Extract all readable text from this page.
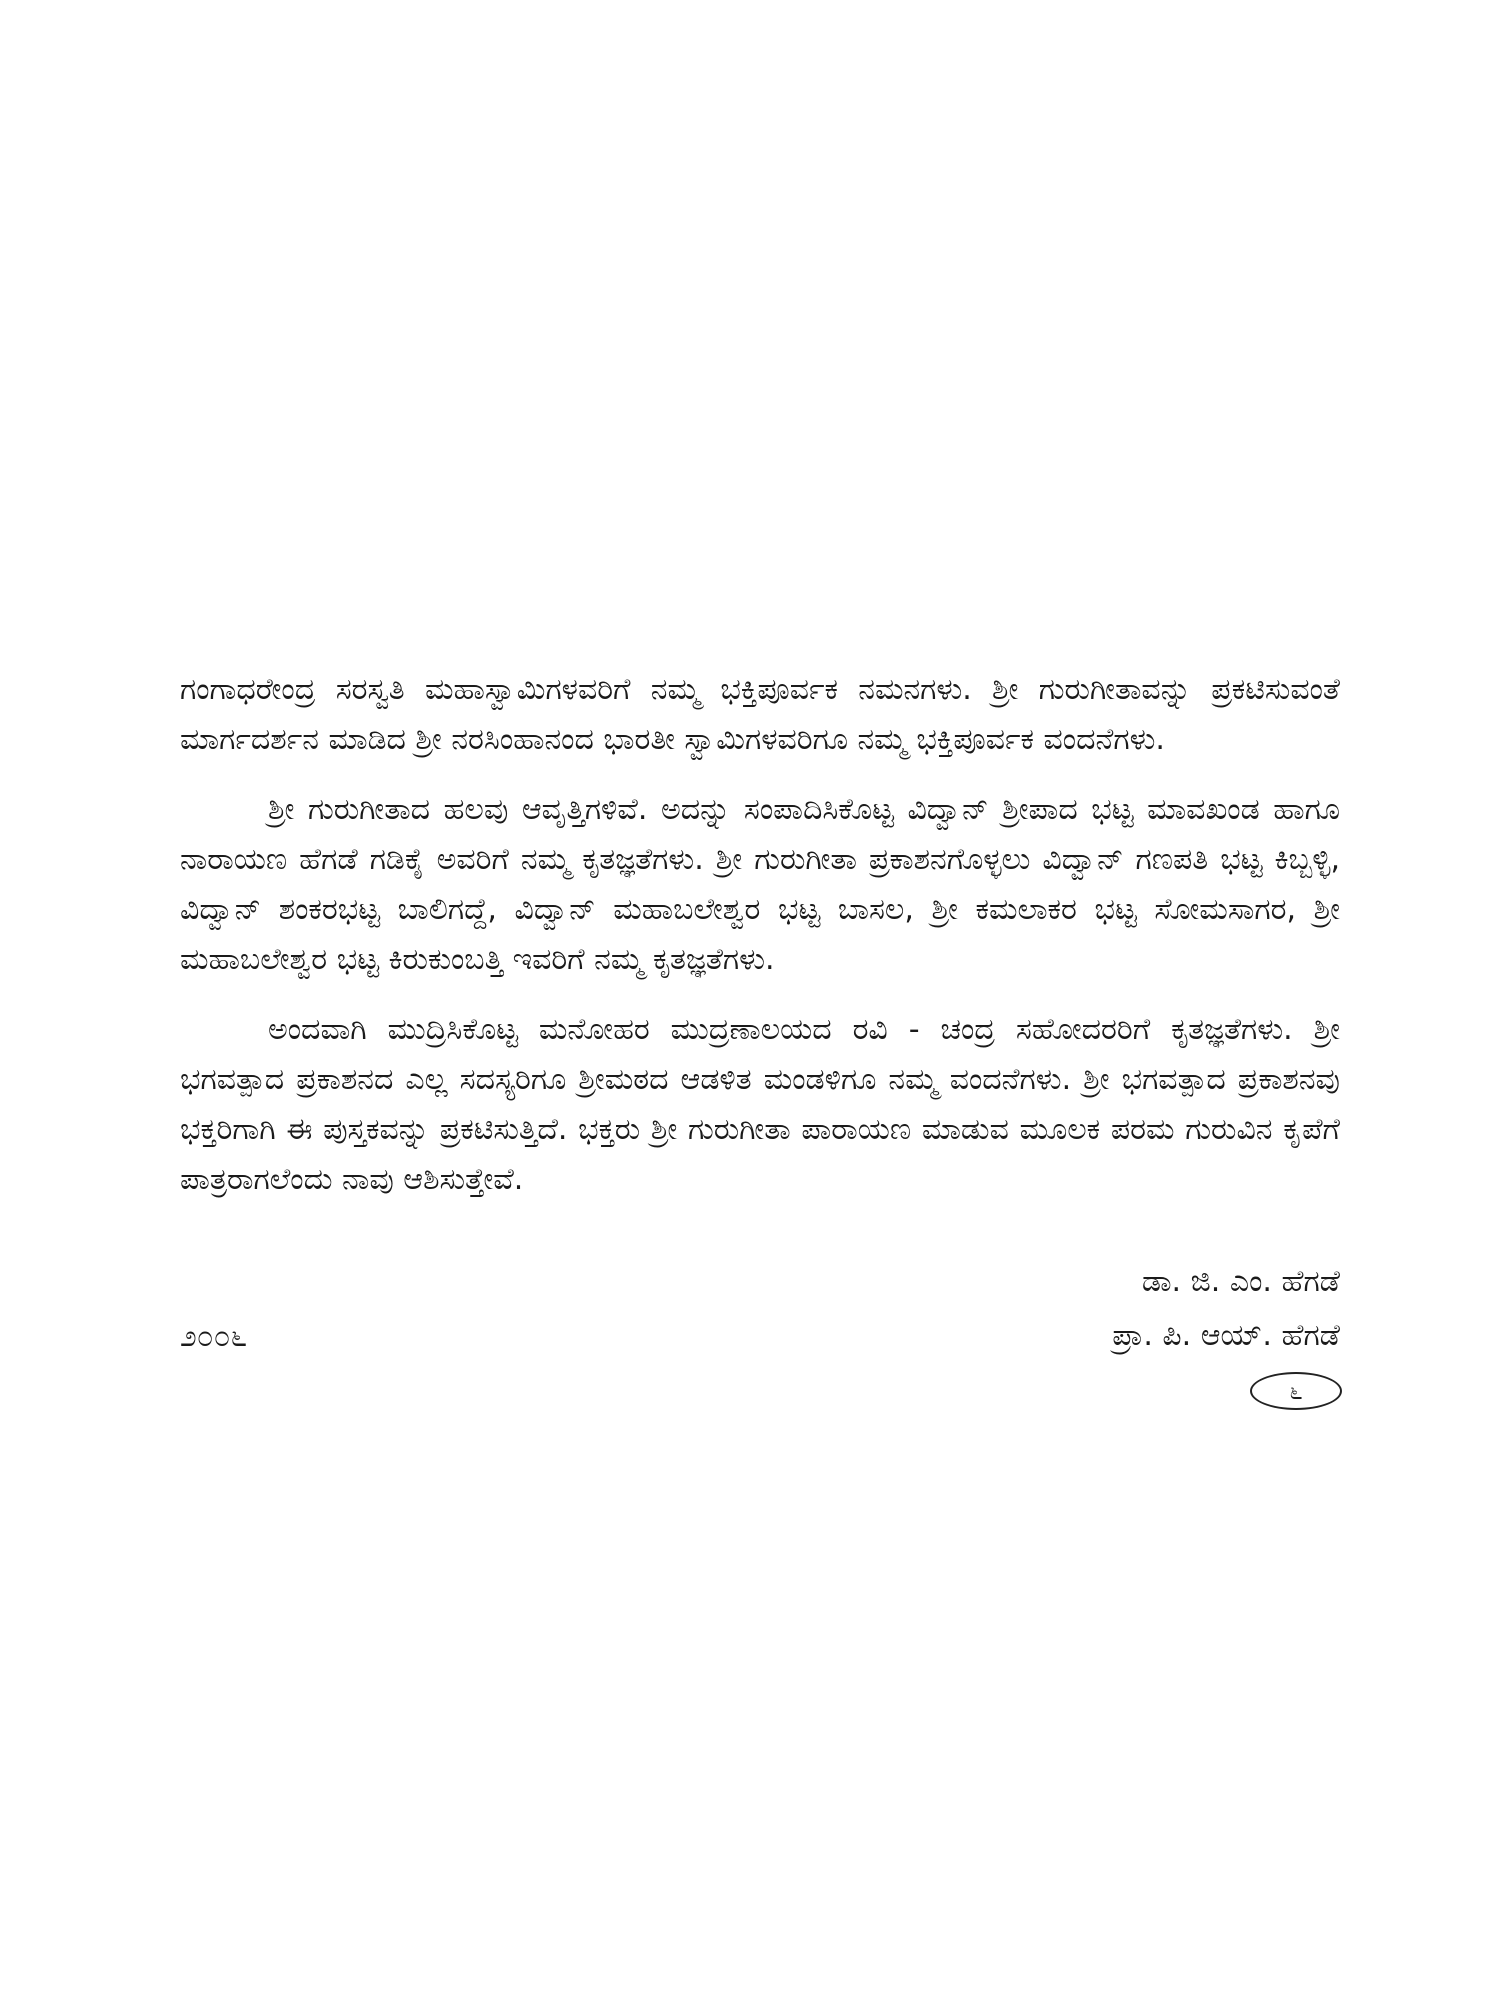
ಗಂಗಾಧರೇಂದ್ರ ಸರಸ್ವತಿ ಮಹಾಸ್ವಾಮಿಗಳವರಿಗೆ ನಮ್ಮ ಭಕ್ತಿಪೂರ್ವಕ ನಮನಗಳು. ಶ್ರೀ ಗುರುಗೀತಾವನ್ನು ಪ್ರಕಟಿಸುವಂತೆ ಮಾರ್ಗದರ್ಶನ ಮಾಡಿದ ಶ್ರೀ ನರಸಿಂಹಾನಂದ ಭಾರತೀ ಸ್ವಾಮಿಗಳವರಿಗೂ ನಮ್ಮ ಭಕ್ತಿಪೂರ್ವಕ ವಂದನೆಗಳು.

ಶ್ರೀ ಗುರುಗೀತಾದ ಹಲವು ಆವೃತ್ತಿಗಳಿವೆ. ಅದನ್ನು ಸಂಪಾದಿಸಿಕೊಟ್ಟ ವಿದ್ವಾನ್ ಶ್ರೀಪಾದ ಭಟ್ಟ ಮಾವಖಂಡ ಹಾಗೂ ನಾರಾಯಣ ಹೆಗಡೆ ಗಡಿಕೈ ಅವರಿಗೆ ನಮ್ಮ ಕೃತಜ್ಞತೆಗಳು. ಶ್ರೀ ಗುರುಗೀತಾ ಪ್ರಕಾಶನಗೊಳ್ಳಲು ವಿದ್ವಾನ್ ಗಣಪತಿ ಭಟ್ಟ ಕಿಬ್ಬಳ್ಳಿ, ವಿದ್ವಾನ್ ಶಂಕರಭಟ್ಟ ಬಾಲಿಗದ್ದೆ, ವಿದ್ವಾನ್ ಮಹಾಬಲೇಶ್ವರ ಭಟ್ಟ ಬಾಸಲ, ಶ್ರೀ ಕಮಲಾಕರ ಭಟ್ಟ ಸೋಮಸಾಗರ, ಶ್ರೀ ಮಹಾಬಲೇಶ್ವರ ಭಟ್ಟ ಕಿರುಕುಂಬತ್ತಿ ಇವರಿಗೆ ನಮ್ಮ ಕೃತಜ್ಞತೆಗಳು.

ಅಂದವಾಗಿ ಮುದ್ರಿಸಿಕೊಟ್ಟ ಮನೋಹರ ಮುದ್ರಣಾಲಯದ ರವಿ - ಚಂದ್ರ ಸಹೋದರರಿಗೆ ಕೃತಜ್ಞತೆಗಳು. ಶ್ರೀ ಭಗವತ್ಪಾದ ಪ್ರಕಾಶನದ ಎಲ್ಲ ಸದಸ್ಯರಿಗೂ ಶ್ರೀಮಠದ ಆಡಳಿತ ಮಂಡಳಿಗೂ ನಮ್ಮ ವಂದನೆಗಳು. ಶ್ರೀ ಭಗವತ್ಪಾದ ಪ್ರಕಾಶನವು ಭಕ್ತರಿಗಾಗಿ ಈ ಪುಸ್ತಕವನ್ನು ಪ್ರಕಟಿಸುತ್ತಿದೆ. ಭಕ್ತರು ಶ್ರೀ ಗುರುಗೀತಾ ಪಾರಾಯಣ ಮಾಡುವ ಮೂಲಕ ಪರಮ ಗುರುವಿನ ಕೃಪೆಗೆ ಪಾತ್ರರಾಗಲೆಂದು ನಾವು ಆಶಿಸುತ್ತೇವೆ.

ಡಾ. ಜಿ. ಎಂ. ಹೆಗಡೆ
ಪ್ರಾ. ಪಿ. ಆಯ್. ಹೆಗಡೆ
೨೦೦೬
೬
